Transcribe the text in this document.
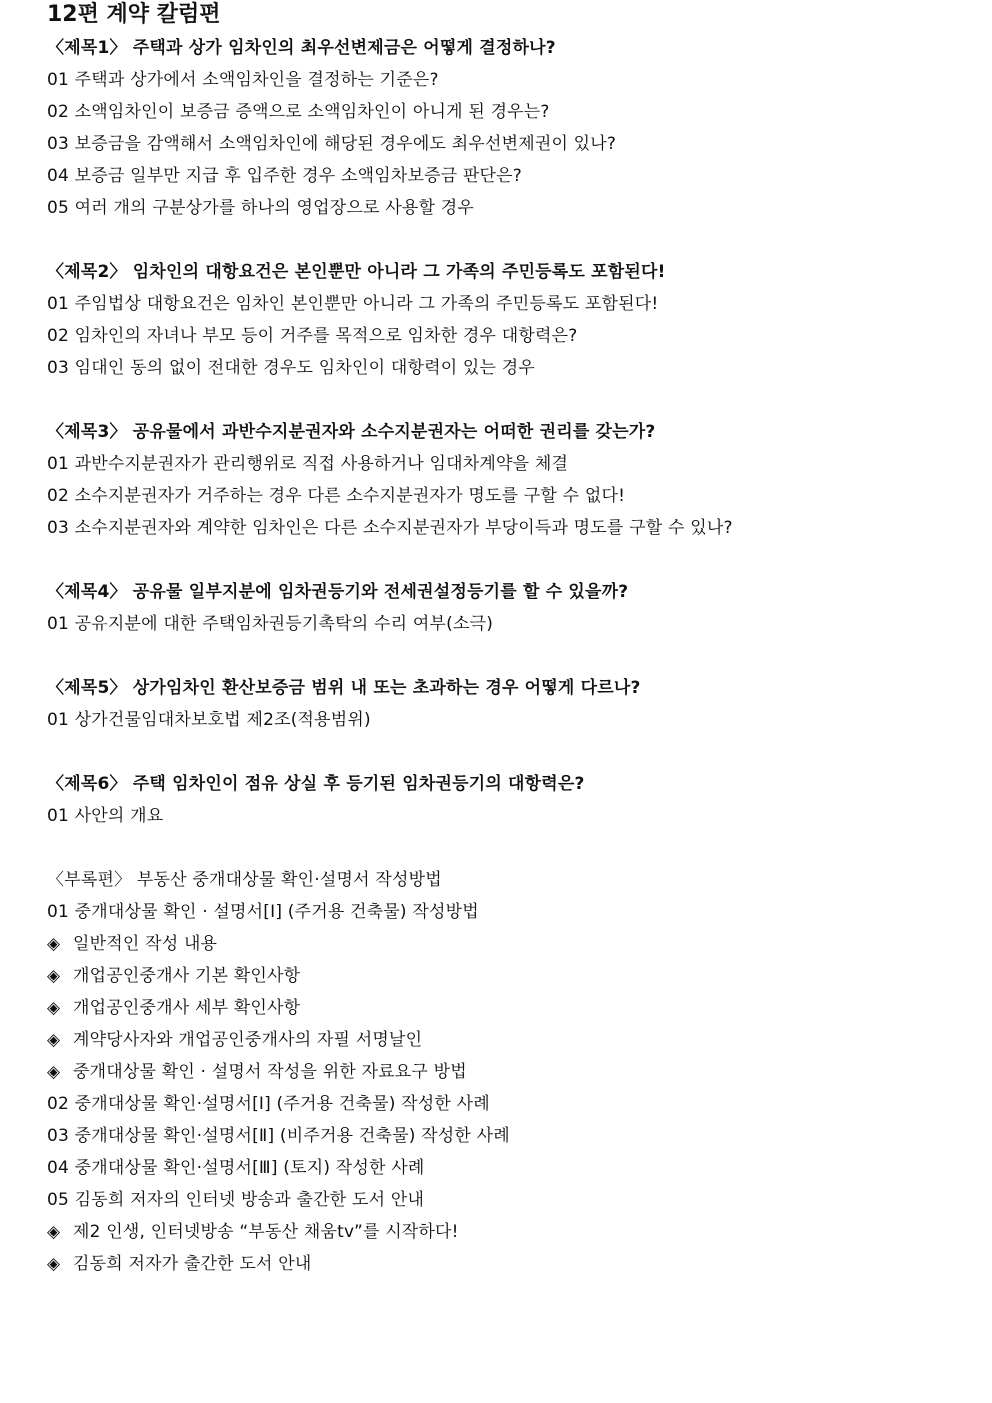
12편 계약 칼럼편
〈제목1〉 주택과 상가 임차인의 최우선변제금은 어떻게 결정하나?
01 주택과 상가에서 소액임차인을 결정하는 기준은?
02 소액임차인이 보증금 증액으로 소액임차인이 아니게 된 경우는?
03 보증금을 감액해서 소액임차인에 해당된 경우에도 최우선변제권이 있나?
04 보증금 일부만 지급 후 입주한 경우 소액임차보증금 판단은?
05 여러 개의 구분상가를 하나의 영업장으로 사용할 경우
〈제목2〉 임차인의 대항요건은 본인뿐만 아니라 그 가족의 주민등록도 포함된다!
01 주임법상 대항요건은 임차인 본인뿐만 아니라 그 가족의 주민등록도 포함된다!
02 임차인의 자녀나 부모 등이 거주를 목적으로 임차한 경우 대항력은?
03 임대인 동의 없이 전대한 경우도 임차인이 대항력이 있는 경우
〈제목3〉 공유물에서 과반수지분권자와 소수지분권자는 어떠한 권리를 갖는가?
01 과반수지분권자가 관리행위로 직접 사용하거나 임대차계약을 체결
02 소수지분권자가 거주하는 경우 다른 소수지분권자가 명도를 구할 수 없다!
03 소수지분권자와 계약한 임차인은 다른 소수지분권자가 부당이득과 명도를 구할 수 있나?
〈제목4〉 공유물 일부지분에 임차권등기와 전세권설정등기를 할 수 있을까?
01 공유지분에 대한 주택임차권등기촉탁의 수리 여부(소극)
〈제목5〉 상가임차인 환산보증금 범위 내 또는 초과하는 경우 어떻게 다르나?
01 상가건물임대차보호법 제2조(적용범위)
〈제목6〉 주택 임차인이 점유 상실 후 등기된 임차권등기의 대항력은?
01 사안의 개요
〈부록편〉 부동산 중개대상물 확인·설명서 작성방법
01 중개대상물 확인 · 설명서[Ⅰ] (주거용 건축물) 작성방법
◈ 일반적인 작성 내용
◈ 개업공인중개사 기본 확인사항
◈ 개업공인중개사 세부 확인사항
◈ 계약당사자와 개업공인중개사의 자필 서명날인
◈ 중개대상물 확인 · 설명서 작성을 위한 자료요구 방법
02 중개대상물 확인·설명서[Ⅰ] (주거용 건축물) 작성한 사례
03 중개대상물 확인·설명서[Ⅱ] (비주거용 건축물) 작성한 사례
04 중개대상물 확인·설명서[Ⅲ] (토지) 작성한 사례
05 김동희 저자의 인터넷 방송과 출간한 도서 안내
◈ 제2 인생, 인터넷방송 “부동산 채움tv”를 시작하다!
◈ 김동희 저자가 출간한 도서 안내
